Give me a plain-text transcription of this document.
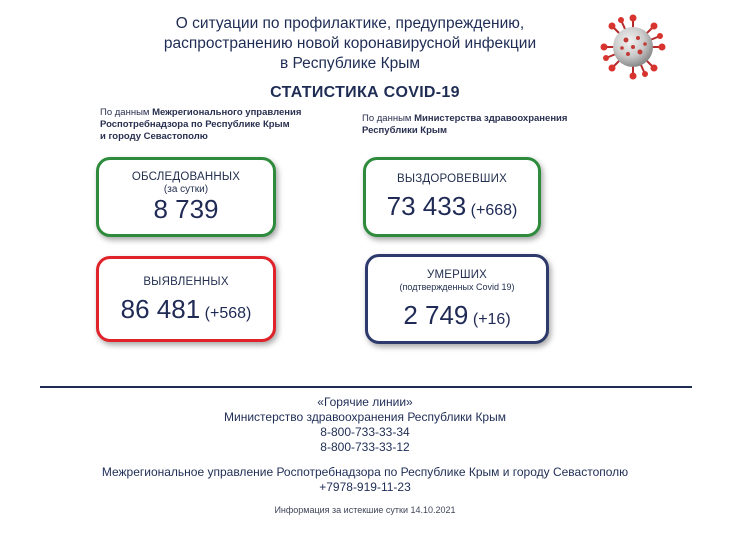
О ситуации по профилактике, предупреждению,
распространению новой коронавирусной инфекции
в Республике Крым
СТАТИСТИКА COVID-19
По данным Межрегионального управления
Роспотребнадзора по Республике Крым
и городу Севастополю
По данным Министерства здравоохранения
Республики Крым
ОБСЛЕДОВАННЫХ
(за сутки)
8 739
ВЫЗДОРОВЕВШИХ
73 433 (+668)
ВЫЯВЛЕННЫХ
86 481 (+568)
УМЕРШИХ
(подтвержденных Covid 19)
2 749 (+16)
«Горячие линии»
Министерство здравоохранения Республики Крым
8-800-733-33-34
8-800-733-33-12
Межрегиональное управление Роспотребнадзора по Республике Крым и городу Севастополю
+7978-919-11-23
Информация за истекшие сутки 14.10.2021
